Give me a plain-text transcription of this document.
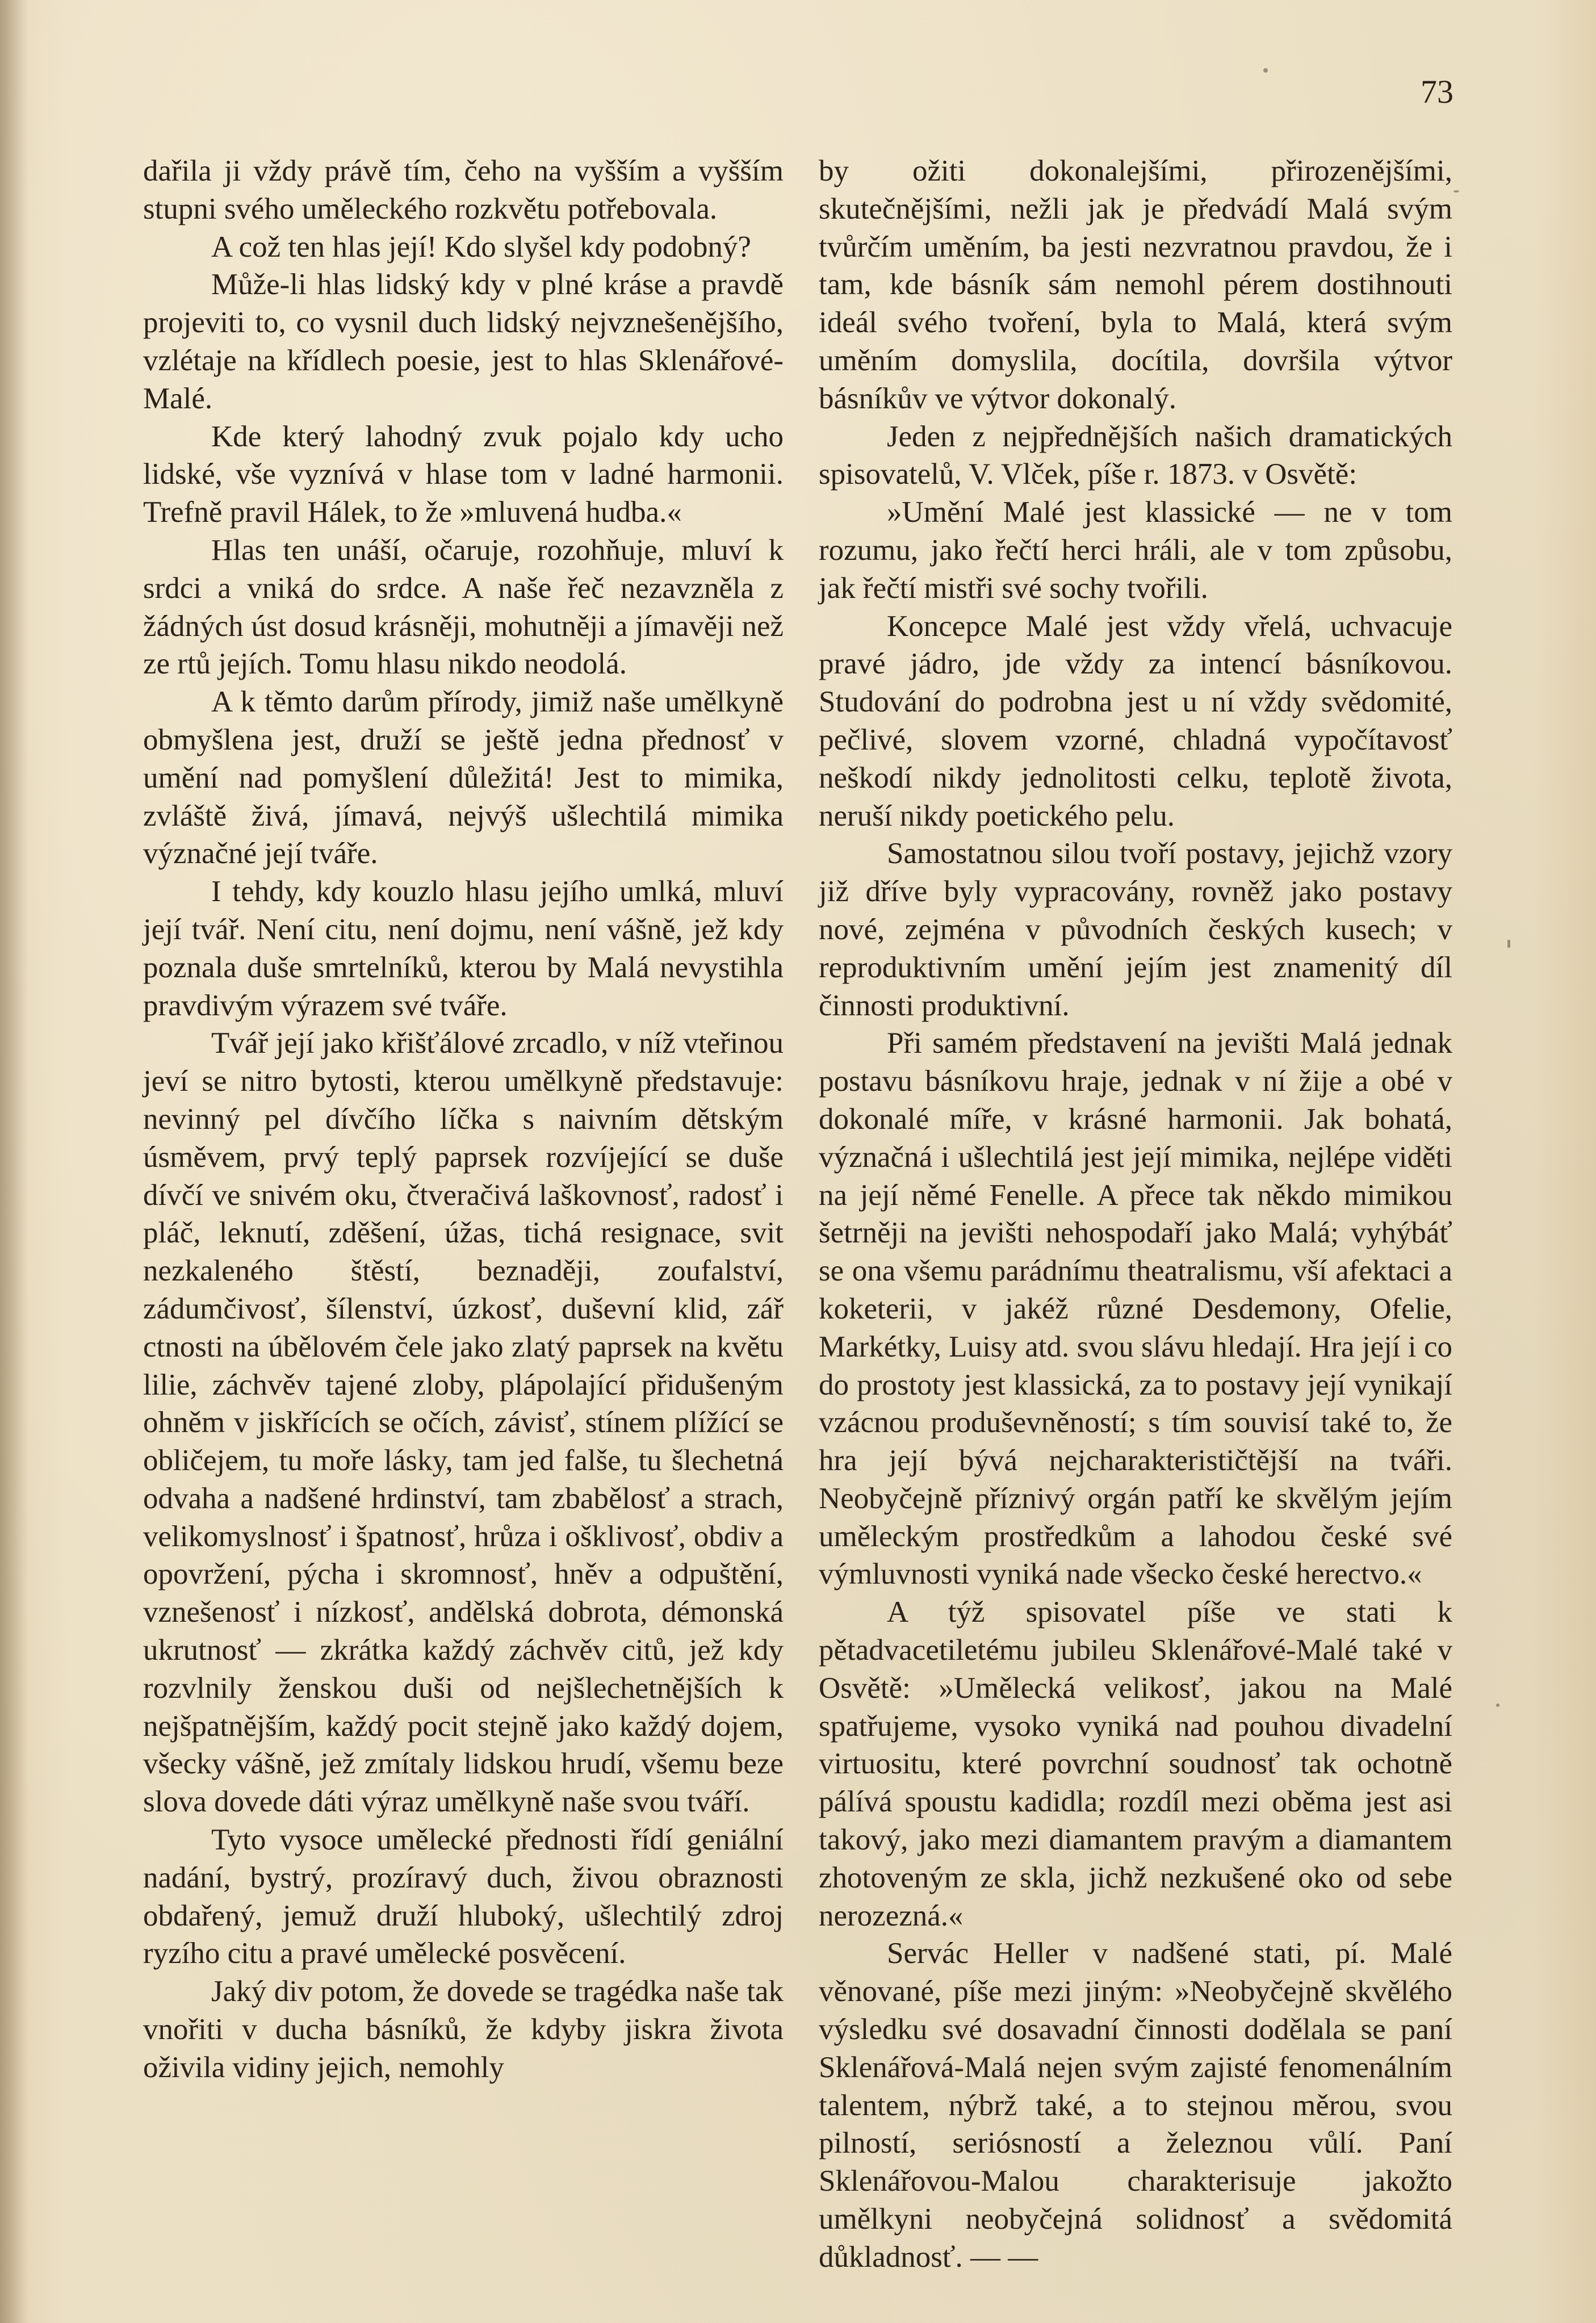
73

dařila ji vždy právě tím, čeho na vyšším a vyšším stupni svého uměleckého rozkvětu potřebovala.

A což ten hlas její! Kdo slyšel kdy podobný?

Může-li hlas lidský kdy v plné kráse a pravdě projeviti to, co vysnil duch lidský nejvznešenějšího, vzlétaje na křídlech poesie, jest to hlas Sklenářové-Malé.

Kde který lahodný zvuk pojalo kdy ucho lidské, vše vyznívá v hlase tom v ladné harmonii. Trefně pravil Hálek, to že »mluvená hudba.«

Hlas ten unáší, očaruje, rozohňuje, mluví k srdci a vniká do srdce. A naše řeč nezavzněla z žádných úst dosud krásněji, mohutněji a jímavěji než ze rtů jejích. Tomu hlasu nikdo neodolá.

A k těmto darům přírody, jimiž naše umělkyně obmyšlena jest, druží se ještě jedna přednosť v umění nad pomyšlení důležitá! Jest to mimika, zvláště živá, jímavá, nejvýš ušlechtilá mimika význačné její tváře.

I tehdy, kdy kouzlo hlasu jejího umlká, mluví její tvář. Není citu, není dojmu, není vášně, jež kdy poznala duše smrtelníků, kterou by Malá nevystihla pravdivým výrazem své tváře.

Tvář její jako křišťálové zrcadlo, v níž vteřinou jeví se nitro bytosti, kterou umělkyně představuje: nevinný pel dívčího líčka s naivním dětským úsměvem, prvý teplý paprsek rozvíjející se duše dívčí ve snivém oku, čtveračivá laškovnosť, radosť i pláč, leknutí, zděšení, úžas, tichá resignace, svit nezkaleného štěstí, beznaději, zoufalství, zádumčivosť, šílenství, úzkosť, duševní klid, zář ctnosti na úbělovém čele jako zlatý paprsek na květu lilie, záchvěv tajené zloby, plápolající přidušeným ohněm v jiskřících se očích, závisť, stínem plížící se obličejem, tu moře lásky, tam jed falše, tu šlechetná odvaha a nadšené hrdinství, tam zbabělosť a strach, velikomyslnosť i špatnosť, hrůza i ošklivosť, obdiv a opovržení, pýcha i skromnosť, hněv a odpuštění, vznešenosť i nízkosť, andělská dobrota, démonská ukrutnosť — zkrátka každý záchvěv citů, jež kdy rozvlnily ženskou duši od nejšlechetnějších k nejšpatnějším, každý pocit stejně jako každý dojem, všecky vášně, jež zmítaly lidskou hrudí, všemu beze slova dovede dáti výraz umělkyně naše svou tváří.

Tyto vysoce umělecké přednosti řídí geniální nadání, bystrý, prozíravý duch, živou obraznosti obdařený, jemuž druží hluboký, ušlechtilý zdroj ryzího citu a pravé umělecké posvěcení.

Jaký div potom, že dovede se tragédka naše tak vnořiti v ducha básníků, že kdyby jiskra života oživila vidiny jejich, nemohly

by ožiti dokonalejšími, přirozenějšími, skutečnějšími, nežli jak je předvádí Malá svým tvůrčím uměním, ba jesti nezvratnou pravdou, že i tam, kde básník sám nemohl pérem dostihnouti ideál svého tvoření, byla to Malá, která svým uměním domyslila, docítila, dovršila výtvor básníkův ve výtvor dokonalý.

Jeden z nejpřednějších našich dramatických spisovatelů, V. Vlček, píše r. 1873. v Osvětě:

»Umění Malé jest klassické — ne v tom rozumu, jako řečtí herci hráli, ale v tom způsobu, jak řečtí mistři své sochy tvořili.

Koncepce Malé jest vždy vřelá, uchvacuje pravé jádro, jde vždy za intencí básníkovou. Studování do podrobna jest u ní vždy svědomité, pečlivé, slovem vzorné, chladná vypočítavosť neškodí nikdy jednolitosti celku, teplotě života, neruší nikdy poetického pelu.

Samostatnou silou tvoří postavy, jejichž vzory již dříve byly vypracovány, rovněž jako postavy nové, zejména v původních českých kusech; v reproduktivním umění jejím jest znamenitý díl činnosti produktivní.

Při samém představení na jevišti Malá jednak postavu básníkovu hraje, jednak v ní žije a obé v dokonalé míře, v krásné harmonii. Jak bohatá, význačná i ušlechtilá jest její mimika, nejlépe viděti na její němé Fenelle. A přece tak někdo mimikou šetrněji na jevišti nehospodaří jako Malá; vyhýbáť se ona všemu parádnímu theatralismu, vší afektaci a koketerii, v jakéž různé Desdemony, Ofelie, Markétky, Luisy atd. svou slávu hledají. Hra její i co do prostoty jest klassická, za to postavy její vynikají vzácnou produševněností; s tím souvisí také to, že hra její bývá nejcharakterističtější na tváři. Neobyčejně příznivý orgán patří ke skvělým jejím uměleckým prostředkům a lahodou české své výmluvnosti vyniká nade všecko české herectvo.«

A týž spisovatel píše ve stati k pětadvacetiletému jubileu Sklenářové-Malé také v Osvětě: »Umělecká velikosť, jakou na Malé spatřujeme, vysoko vyniká nad pouhou divadelní virtuositu, které povrchní soudnosť tak ochotně pálívá spoustu kadidla; rozdíl mezi oběma jest asi takový, jako mezi diamantem pravým a diamantem zhotoveným ze skla, jichž nezkušené oko od sebe nerozezná.«

Servác Heller v nadšené stati, pí. Malé věnované, píše mezi jiným: »Neobyčejně skvělého výsledku své dosavadní činnosti dodělala se paní Sklenářová-Malá nejen svým zajisté fenomenálním talentem, nýbrž také, a to stejnou měrou, svou pilností, seriósností a železnou vůlí. Paní Sklenářovou-Malou charakterisuje jakožto umělkyni neobyčejná solidnosť a svědomitá důkladnosť. — —
